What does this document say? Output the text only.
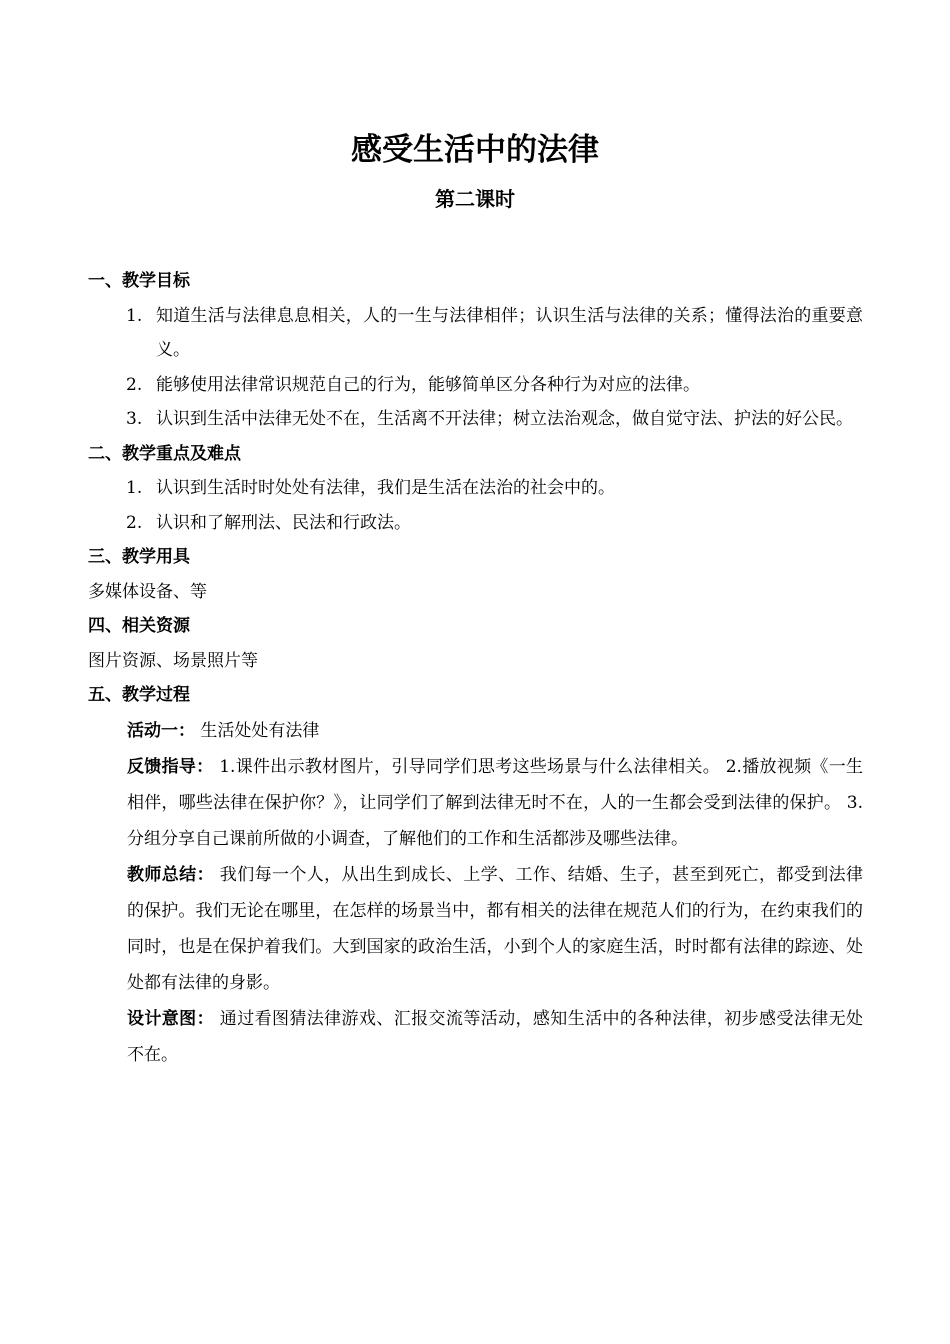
感受生活中的法律
第二课时
一、教学目标
1. 知道生活与法律息息相关，人的一生与法律相伴；认识生活与法律的关系；懂得法治的重要意义。
2. 能够使用法律常识规范自己的行为，能够简单区分各种行为对应的法律。
3. 认识到生活中法律无处不在，生活离不开法律；树立法治观念，做自觉守法、护法的好公民。
二、教学重点及难点
1. 认识到生活时时处处有法律，我们是生活在法治的社会中的。
2. 认识和了解刑法、民法和行政法。
三、教学用具
多媒体设备、等
四、相关资源
图片资源、场景照片等
五、教学过程
活动一： 生活处处有法律
反馈指导： 1.课件出示教材图片，引导同学们思考这些场景与什么法律相关。 2.播放视频《一生相伴，哪些法律在保护你？》，让同学们了解到法律无时不在，人的一生都会受到法律的保护。 3.分组分享自己课前所做的小调查，了解他们的工作和生活都涉及哪些法律。
教师总结： 我们每一个人，从出生到成长、上学、工作、结婚、生子，甚至到死亡，都受到法律的保护。我们无论在哪里，在怎样的场景当中，都有相关的法律在规范人们的行为，在约束我们的同时，也是在保护着我们。大到国家的政治生活，小到个人的家庭生活，时时都有法律的踪迹、处处都有法律的身影。
设计意图： 通过看图猜法律游戏、汇报交流等活动，感知生活中的各种法律，初步感受法律无处不在。
